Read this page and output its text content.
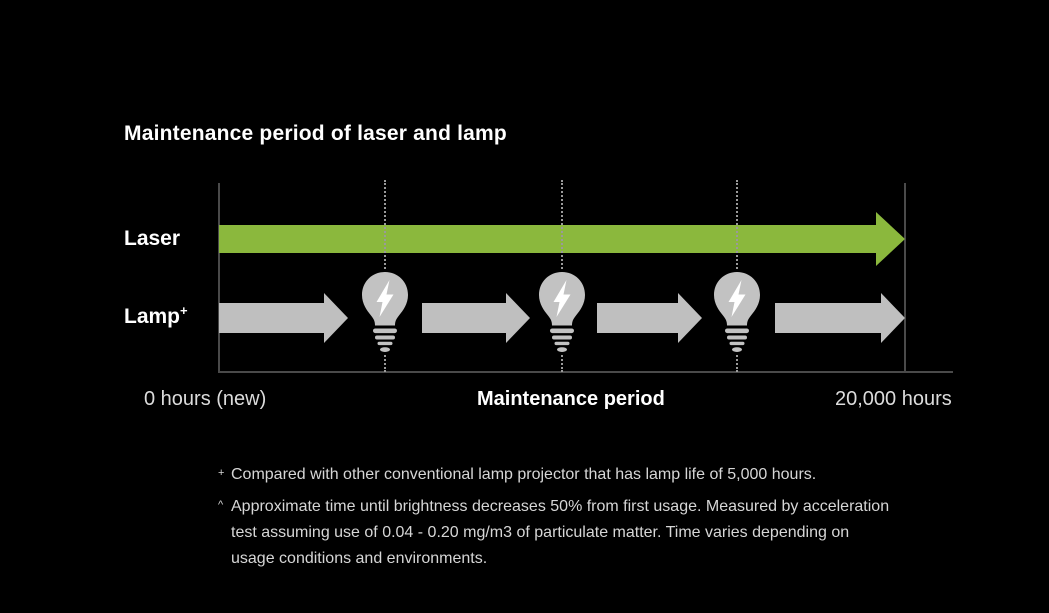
Maintenance period of laser and lamp
Laser
Lamp+
0 hours (new)	Maintenance period	20,000 hours
+ Compared with other conventional lamp projector that has lamp life of 5,000 hours.
^ Approximate time until brightness decreases 50% from first usage. Measured by acceleration
test assuming use of 0.04 - 0.20 mg/m3 of particulate matter. Time varies depending on
usage conditions and environments.
